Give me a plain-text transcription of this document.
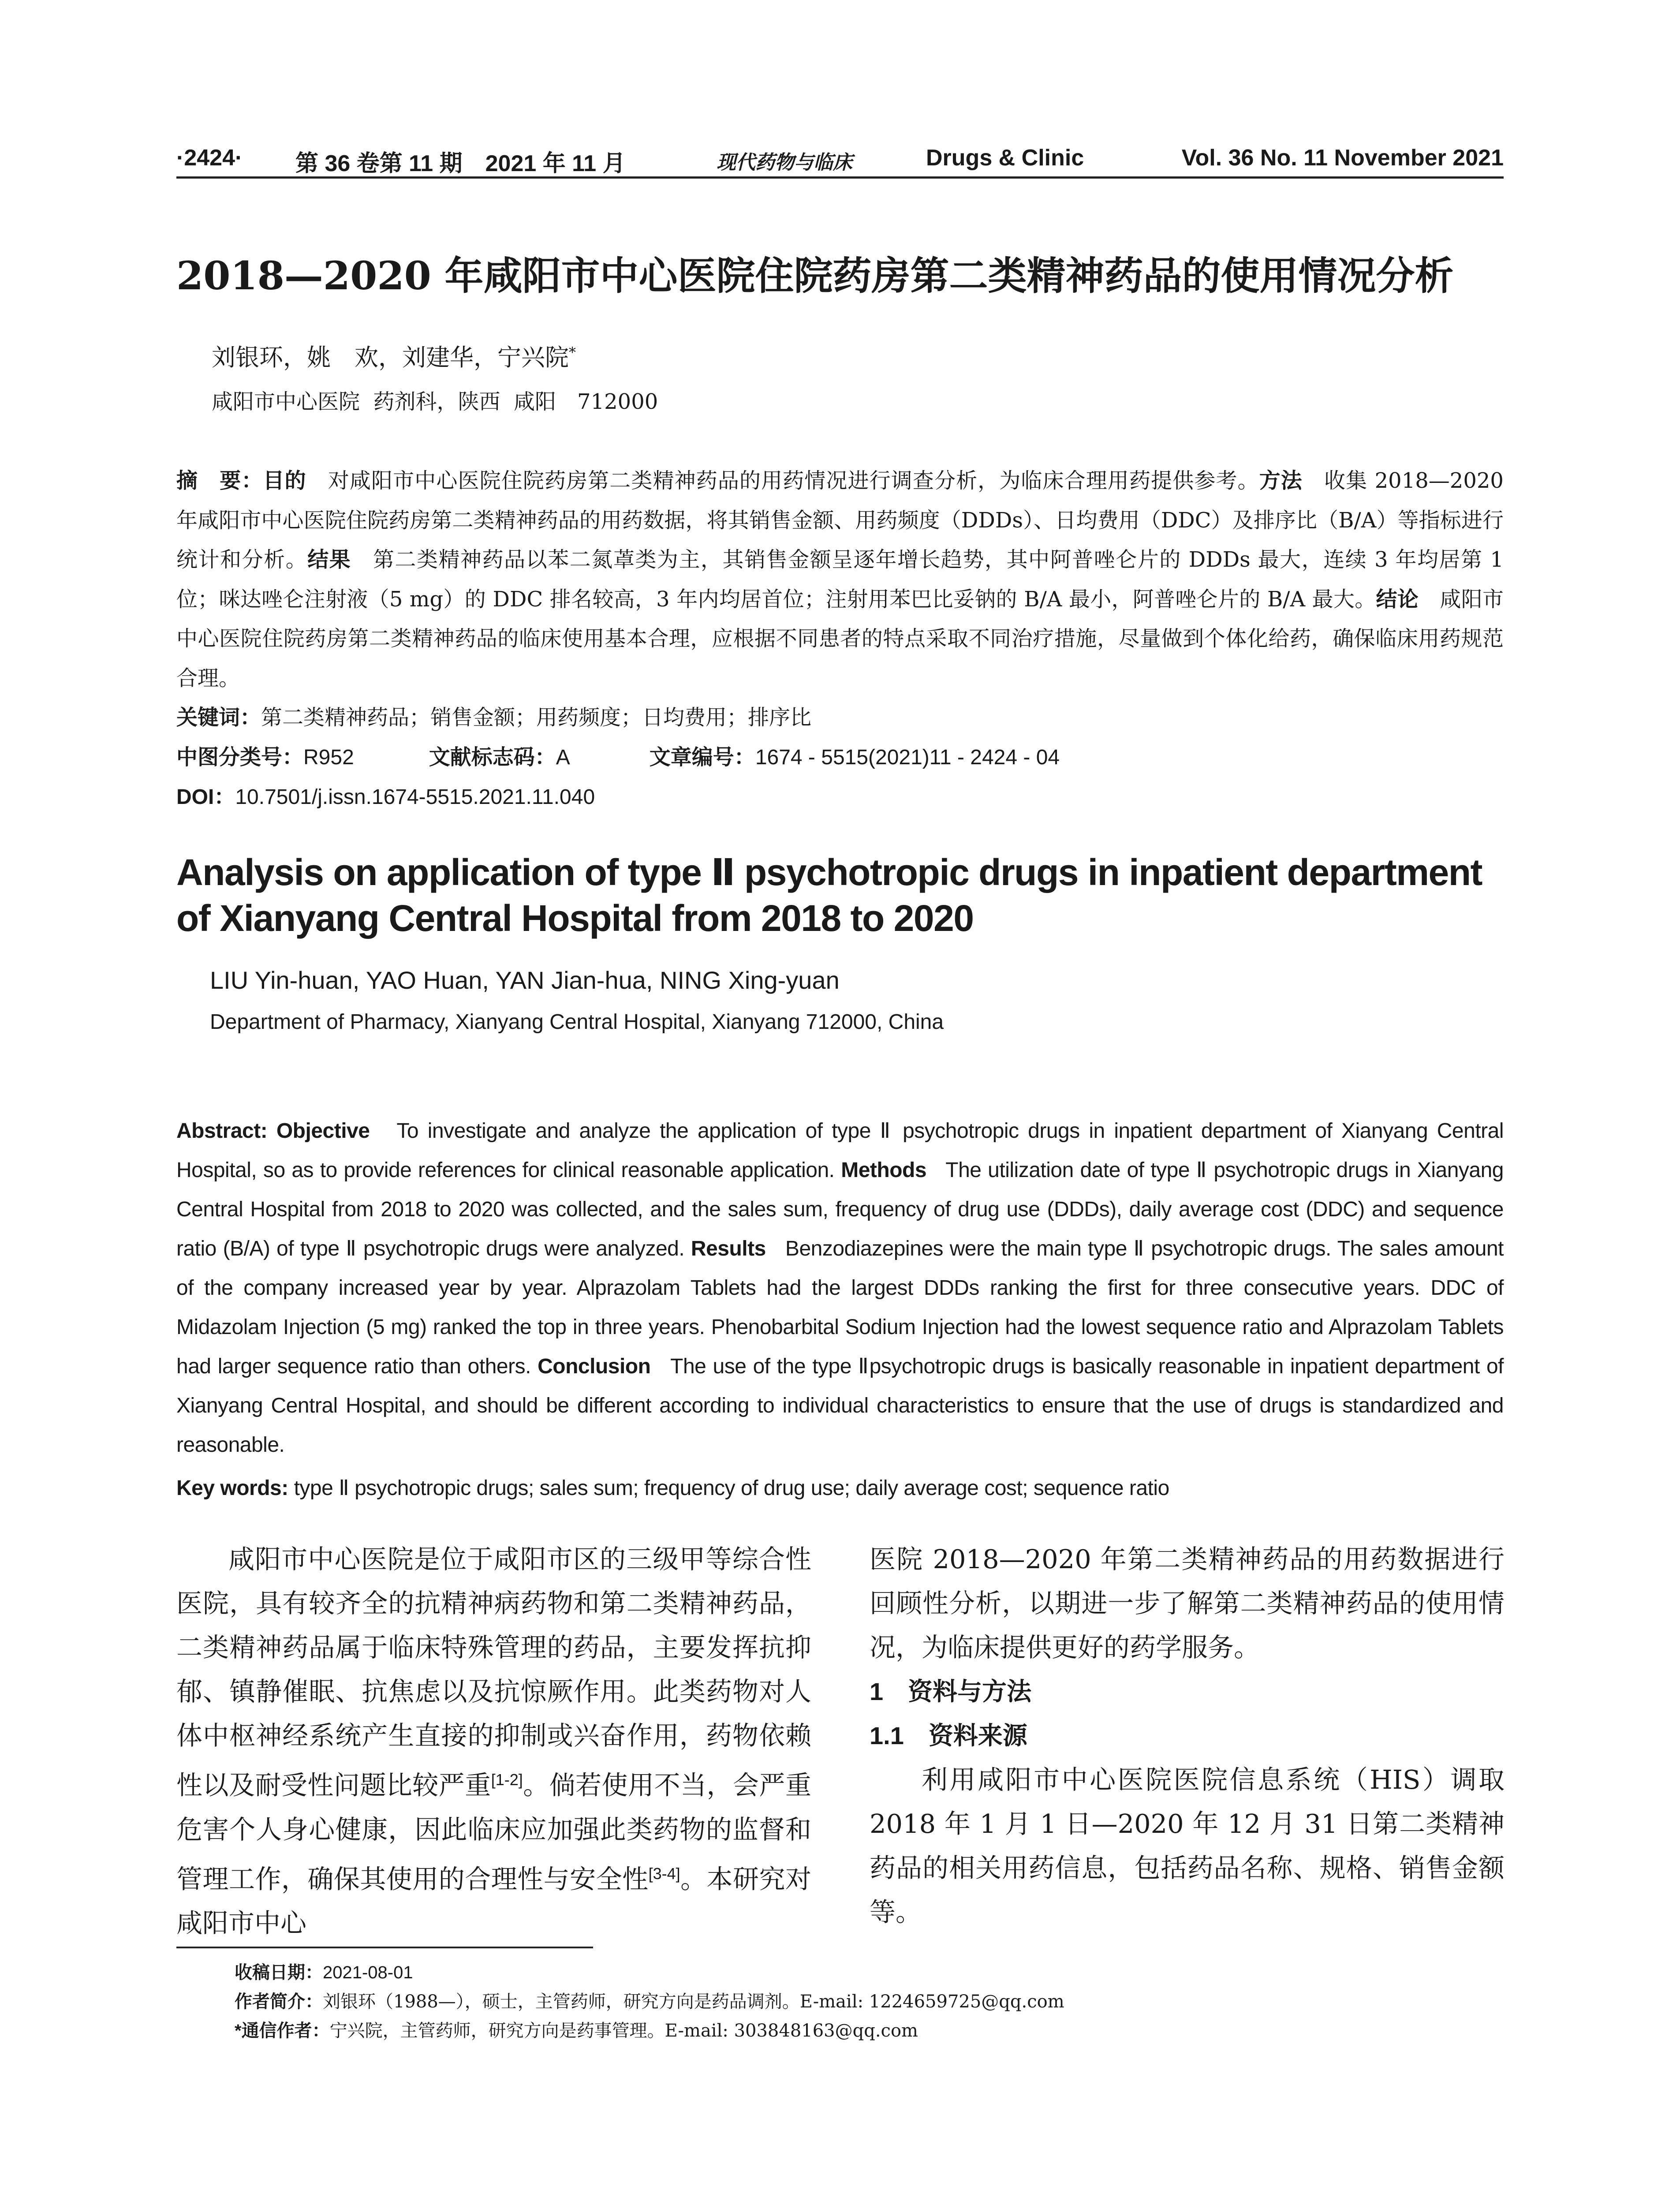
·2424· 第 36 卷第 11 期　2021 年 11 月	现代药物与临床	Drugs & Clinic	Vol. 36 No. 11 November 2021
2018—2020 年咸阳市中心医院住院药房第二类精神药品的使用情况分析
刘银环，姚　欢，刘建华，宁兴院*
咸阳市中心医院  药剂科，陕西  咸阳　712000
摘　要：目的　 对咸阳市中心医院住院药房第二类精神药品的用药情况进行调查分析，为临床合理用药提供参考。方法　 收集 2018—2020 年咸阳市中心医院住院药房第二类精神药品的用药数据，将其销售金额、用药频度（DDDs）、日均费用（DDC）及排序比（B/A）等指标进行统计和分析。结果　 第二类精神药品以苯二氮䓬类为主，其销售金额呈逐年增长趋势，其中阿普唑仑片的 DDDs 最大，连续 3 年均居第 1 位；咪达唑仑注射液（5 mg）的 DDC 排名较高，3 年内均居首位；注射用苯巴比妥钠的 B/A 最小，阿普唑仑片的 B/A 最大。结论　 咸阳市中心医院住院药房第二类精神药品的临床使用基本合理，应根据不同患者的特点采取不同治疗措施，尽量做到个体化给药，确保临床用药规范合理。
关键词：第二类精神药品；销售金额；用药频度；日均费用；排序比
中图分类号：R952	文献标志码：A	文章编号：1674 - 5515(2021)11 - 2424 - 04
DOI：10.7501/j.issn.1674-5515.2021.11.040
Analysis on application of type Ⅱ psychotropic drugs in inpatient department of Xianyang Central Hospital from 2018 to 2020
LIU Yin-huan, YAO Huan, YAN Jian-hua, NING Xing-yuan
Department of Pharmacy, Xianyang Central Hospital, Xianyang 712000, China
Abstract: Objective To investigate and analyze the application of type Ⅱ psychotropic drugs in inpatient department of Xianyang Central Hospital, so as to provide references for clinical reasonable application. Methods The utilization date of type Ⅱ psychotropic drugs in Xianyang Central Hospital from 2018 to 2020 was collected, and the sales sum, frequency of drug use (DDDs), daily average cost (DDC) and sequence ratio (B/A) of type Ⅱ psychotropic drugs were analyzed. Results Benzodiazepines were the main type Ⅱ psychotropic drugs. The sales amount of the company increased year by year. Alprazolam Tablets had the largest DDDs ranking the first for three consecutive years. DDC of Midazolam Injection (5 mg) ranked the top in three years. Phenobarbital Sodium Injection had the lowest sequence ratio and Alprazolam Tablets had larger sequence ratio than others. Conclusion The use of the type Ⅱpsychotropic drugs is basically reasonable in inpatient department of Xianyang Central Hospital, and should be different according to individual characteristics to ensure that the use of drugs is standardized and reasonable.
Key words: type Ⅱ psychotropic drugs; sales sum; frequency of drug use; daily average cost; sequence ratio

咸阳市中心医院是位于咸阳市区的三级甲等综合性医院，具有较齐全的抗精神病药物和第二类精神药品，二类精神药品属于临床特殊管理的药品，主要发挥抗抑郁、镇静催眠、抗焦虑以及抗惊厥作用。此类药物对人体中枢神经系统产生直接的抑制或兴奋作用，药物依赖性以及耐受性问题比较严重[1-2]。倘若使用不当，会严重危害个人身心健康，因此临床应加强此类药物的监督和管理工作，确保其使用的合理性与安全性[3-4]。本研究对咸阳市中心

医院 2018—2020 年第二类精神药品的用药数据进行回顾性分析，以期进一步了解第二类精神药品的使用情况，为临床提供更好的药学服务。

1　资料与方法
1.1　资料来源

利用咸阳市中心医院医院信息系统（HIS）调取 2018 年 1 月 1 日—2020 年 12 月 31 日第二类精神药品的相关用药信息，包括药品名称、规格、销售金额等。

收稿日期：2021-08-01
作者简介：刘银环（1988—），硕士，主管药师，研究方向是药品调剂。E-mail: 1224659725@qq.com
*通信作者：宁兴院，主管药师，研究方向是药事管理。E-mail: 303848163@qq.com
